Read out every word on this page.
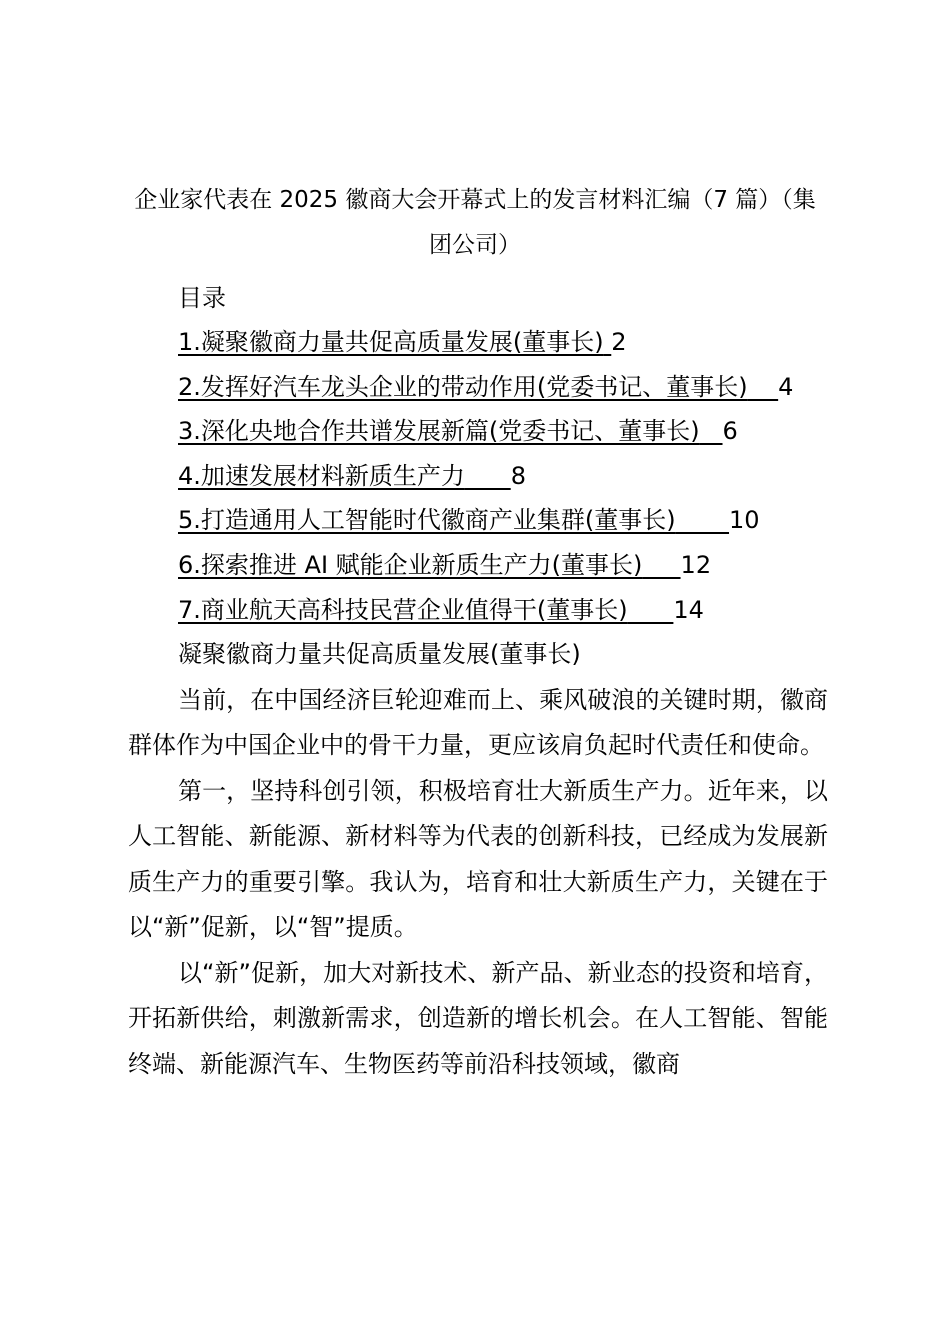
企业家代表在 2025 徽商大会开幕式上的发言材料汇编（7 篇）（集
团公司）
目录
1.凝聚徽商力量共促高质量发展(董事长) 2
2.发挥好汽车龙头企业的带动作用(党委书记、董事长) 4
3.深化央地合作共谱发展新篇(党委书记、董事长) 6
4.加速发展材料新质生产力 8
5.打造通用人工智能时代徽商产业集群(董事长) 10
6.探索推进 AI 赋能企业新质生产力(董事长) 12
7.商业航天高科技民营企业值得干(董事长) 14

凝聚徽商力量共促高质量发展(董事长)

当前，在中国经济巨轮迎难而上、乘风破浪的关键时期，徽商群体作为中国企业中的骨干力量，更应该肩负起时代责任和使命。

第一，坚持科创引领，积极培育壮大新质生产力。近年来，以人工智能、新能源、新材料等为代表的创新科技，已经成为发展新质生产力的重要引擎。我认为，培育和壮大新质生产力，关键在于以“新”促新，以“智”提质。

以“新”促新，加大对新技术、新产品、新业态的投资和培育，开拓新供给，刺激新需求，创造新的增长机会。在人工智能、智能终端、新能源汽车、生物医药等前沿科技领域，徽商
